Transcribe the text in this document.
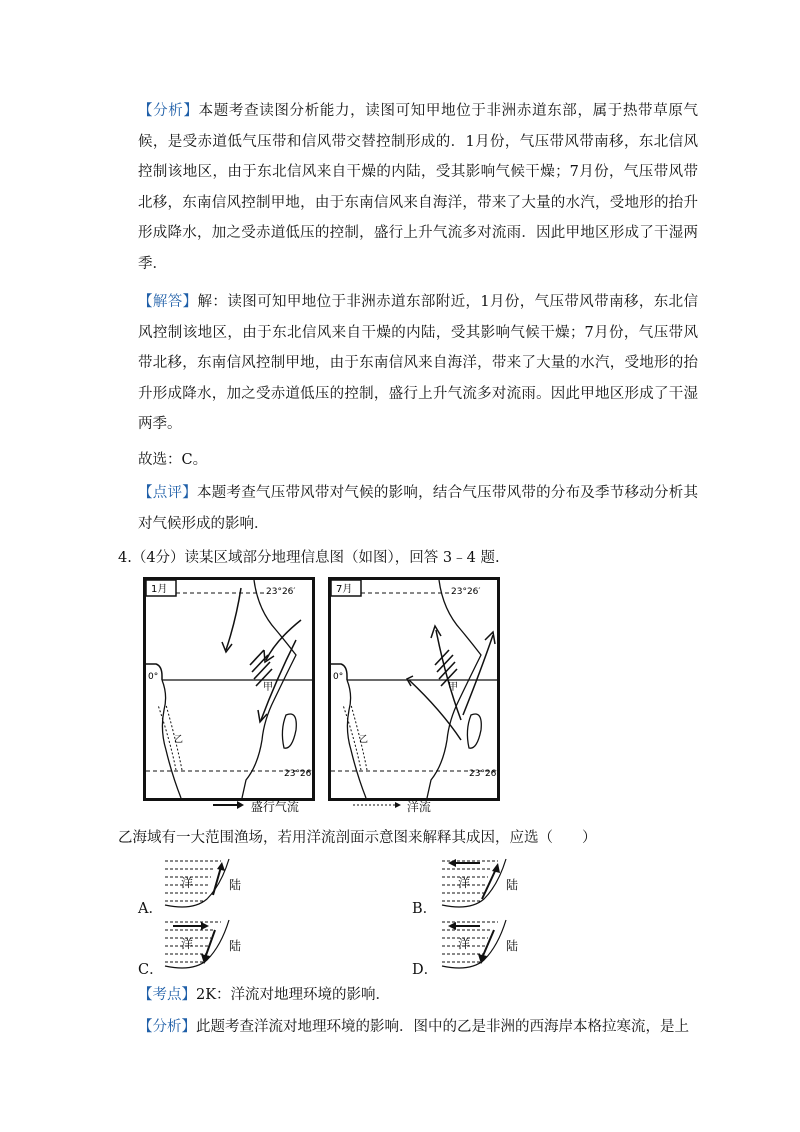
【分析】本题考查读图分析能力，读图可知甲地位于非洲赤道东部，属于热带草原气候，是受赤道低气压带和信风带交替控制形成的．1月份，气压带风带南移，东北信风控制该地区，由于东北信风来自干燥的内陆，受其影响气候干燥；7月份，气压带风带北移，东南信风控制甲地，由于东南信风来自海洋，带来了大量的水汽，受地形的抬升形成降水，加之受赤道低压的控制，盛行上升气流多对流雨．因此甲地区形成了干湿两季．
【解答】解：读图可知甲地位于非洲赤道东部附近，1月份，气压带风带南移，东北信风控制该地区，由于东北信风来自干燥的内陆，受其影响气候干燥；7月份，气压带风带北移，东南信风控制甲地，由于东南信风来自海洋，带来了大量的水汽，受地形的抬升形成降水，加之受赤道低压的控制，盛行上升气流多对流雨。因此甲地区形成了干湿两季。
故选：C。
【点评】本题考查气压带风带对气候的影响，结合气压带风带的分布及季节移动分析其对气候形成的影响．
4.（4分）读某区域部分地理信息图（如图），回答 3﹣4 题.
1月	23°26′
0°
23°26′
甲
乙
7月	23°26′
0°
23°26′
甲
乙
盛行气流	洋流
乙海域有一大范围渔场，若用洋流剖面示意图来解释其成因，应选（　　）
A．	B．
C．	D．
洋	陆	洋	陆
洋	陆	洋	陆
【考点】2K：洋流对地理环境的影响．
【分析】此题考查洋流对地理环境的影响．图中的乙是非洲的西海岸本格拉寒流，是上
